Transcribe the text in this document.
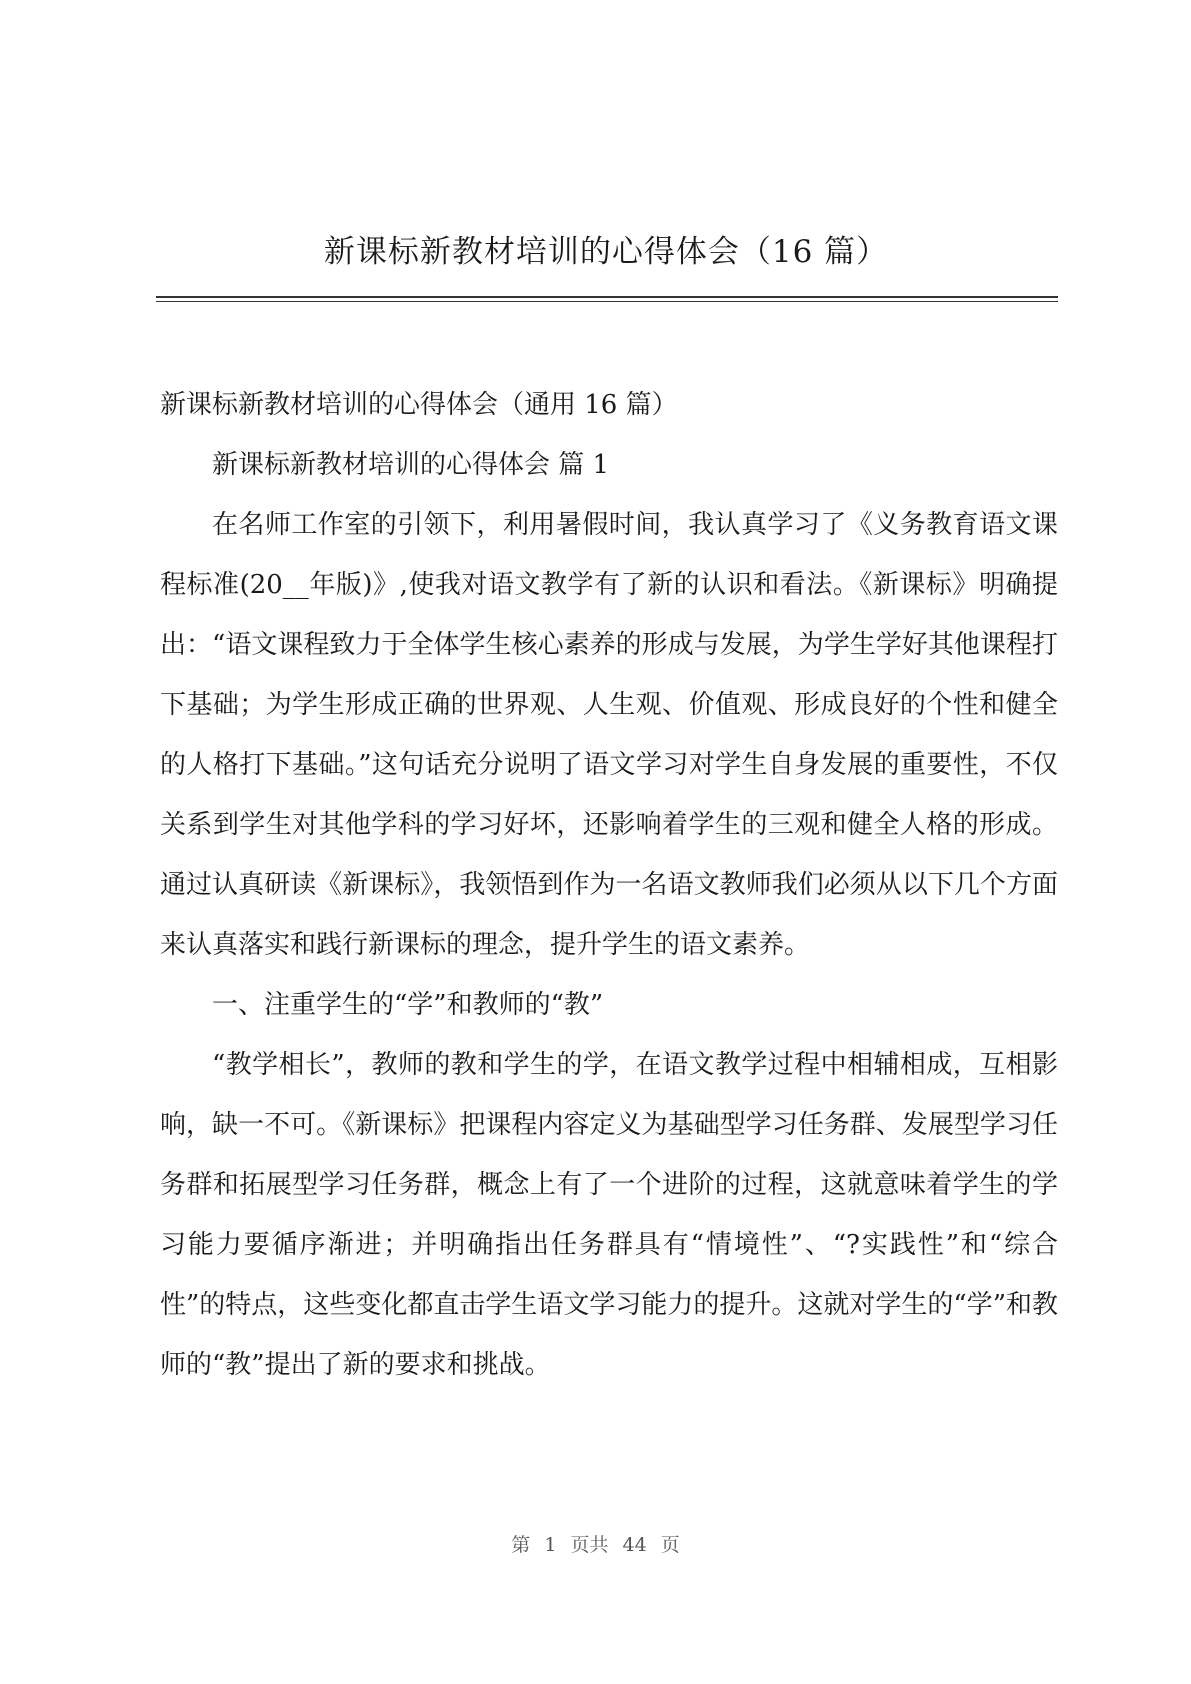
新课标新教材培训的心得体会（16 篇）

新课标新教材培训的心得体会（通用 16 篇）

新课标新教材培训的心得体会 篇 1

在名师工作室的引领下，利用暑假时间，我认真学习了《义务教育语文课程标准(20__年版)》,使我对语文教学有了新的认识和看法。《新课标》明确提出：“语文课程致力于全体学生核心素养的形成与发展，为学生学好其他课程打下基础；为学生形成正确的世界观、人生观、价值观、形成良好的个性和健全的人格打下基础。”这句话充分说明了语文学习对学生自身发展的重要性，不仅关系到学生对其他学科的学习好坏，还影响着学生的三观和健全人格的形成。通过认真研读《新课标》，我领悟到作为一名语文教师我们必须从以下几个方面来认真落实和践行新课标的理念，提升学生的语文素养。

一、注重学生的“学”和教师的“教”

“教学相长”，教师的教和学生的学，在语文教学过程中相辅相成，互相影响，缺一不可。《新课标》把课程内容定义为基础型学习任务群、发展型学习任务群和拓展型学习任务群，概念上有了一个进阶的过程，这就意味着学生的学习能力要循序渐进；并明确指出任务群具有“情境性”、“?实践性”和“综合性”的特点，这些变化都直击学生语文学习能力的提升。这就对学生的“学”和教师的“教”提出了新的要求和挑战。

第 1 页共 44 页
